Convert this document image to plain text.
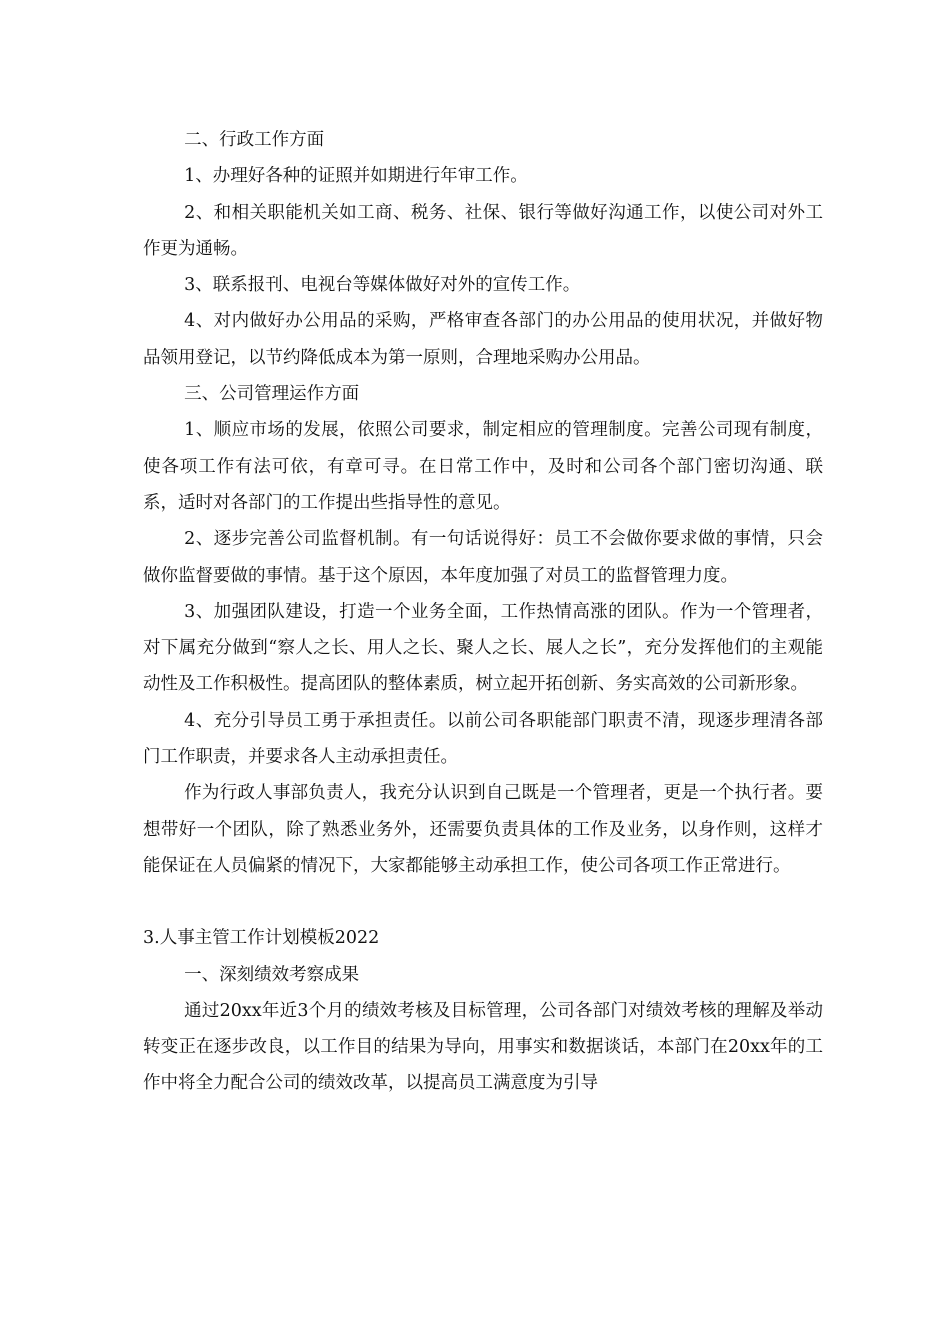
二、行政工作方面

1、办理好各种的证照并如期进行年审工作。

2、和相关职能机关如工商、税务、社保、银行等做好沟通工作，以使公司对外工作更为通畅。

3、联系报刊、电视台等媒体做好对外的宣传工作。

4、对内做好办公用品的采购，严格审查各部门的办公用品的使用状况，并做好物品领用登记，以节约降低成本为第一原则，合理地采购办公用品。

三、公司管理运作方面

1、顺应市场的发展，依照公司要求，制定相应的管理制度。完善公司现有制度，使各项工作有法可依，有章可寻。在日常工作中，及时和公司各个部门密切沟通、联系，适时对各部门的工作提出些指导性的意见。

2、逐步完善公司监督机制。有一句话说得好：员工不会做你要求做的事情，只会做你监督要做的事情。基于这个原因，本年度加强了对员工的监督管理力度。

3、加强团队建设，打造一个业务全面，工作热情高涨的团队。作为一个管理者，对下属充分做到“察人之长、用人之长、聚人之长、展人之长”，充分发挥他们的主观能动性及工作积极性。提高团队的整体素质，树立起开拓创新、务实高效的公司新形象。

4、充分引导员工勇于承担责任。以前公司各职能部门职责不清，现逐步理清各部门工作职责，并要求各人主动承担责任。

作为行政人事部负责人，我充分认识到自己既是一个管理者，更是一个执行者。要想带好一个团队，除了熟悉业务外，还需要负责具体的工作及业务，以身作则，这样才能保证在人员偏紧的情况下，大家都能够主动承担工作，使公司各项工作正常进行。

3.人事主管工作计划模板2022

一、深刻绩效考察成果

通过20xx年近3个月的绩效考核及目标管理，公司各部门对绩效考核的理解及举动转变正在逐步改良，以工作目的结果为导向，用事实和数据谈话，本部门在20xx年的工作中将全力配合公司的绩效改革，以提高员工满意度为引导
